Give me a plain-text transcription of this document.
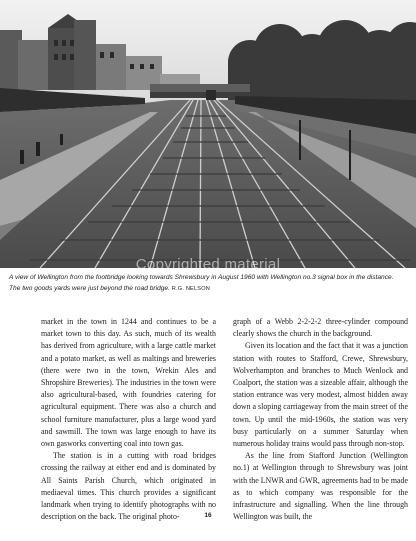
Copyrighted material
A view of Wellington from the footbridge looking towards Shrewsbury in August 1960 with Wellington no.3 signal box in the distance.
The two goods yards were just beyond the road bridge. R.G. NELSON

market in the town in 1244 and continues to be a market town to this day. As such, much of its wealth has derived from agriculture, with a large cattle market and a potato market, as well as maltings and breweries (there were two in the town, Wrekin Ales and Shropshire Breweries). The industries in the town were also agricultural-based, with foundries catering for agricultural equipment. There was also a church and school furniture manufacturer, plus a large wood yard and sawmill. The town was large enough to have its own gasworks converting coal into town gas.

The station is in a cutting with road bridges crossing the railway at either end and is dominated by All Saints Parish Church, which originated in mediaeval times. This church provides a significant landmark when trying to identify photographs with no description on the back. The original photo-

graph of a Webb 2-2-2-2 three-cylinder compound clearly shows the church in the background.

Given its location and the fact that it was a junction station with routes to Stafford, Crewe, Shrewsbury, Wolverhampton and branches to Much Wenlock and Coalport, the station was a sizeable affair, although the station entrance was very modest, almost hidden away down a sloping carriageway from the main street of the town. Up until the mid-1960s, the station was very busy particularly on a summer Saturday when numerous holiday trains would pass through non-stop.

As the line from Stafford Junction (Wellington no.1) at Wellington through to Shrewsbury was joint with the LNWR and GWR, agreements had to be made as to which company was responsible for the infrastructure and signalling. When the line through Wellington was built, the

16
